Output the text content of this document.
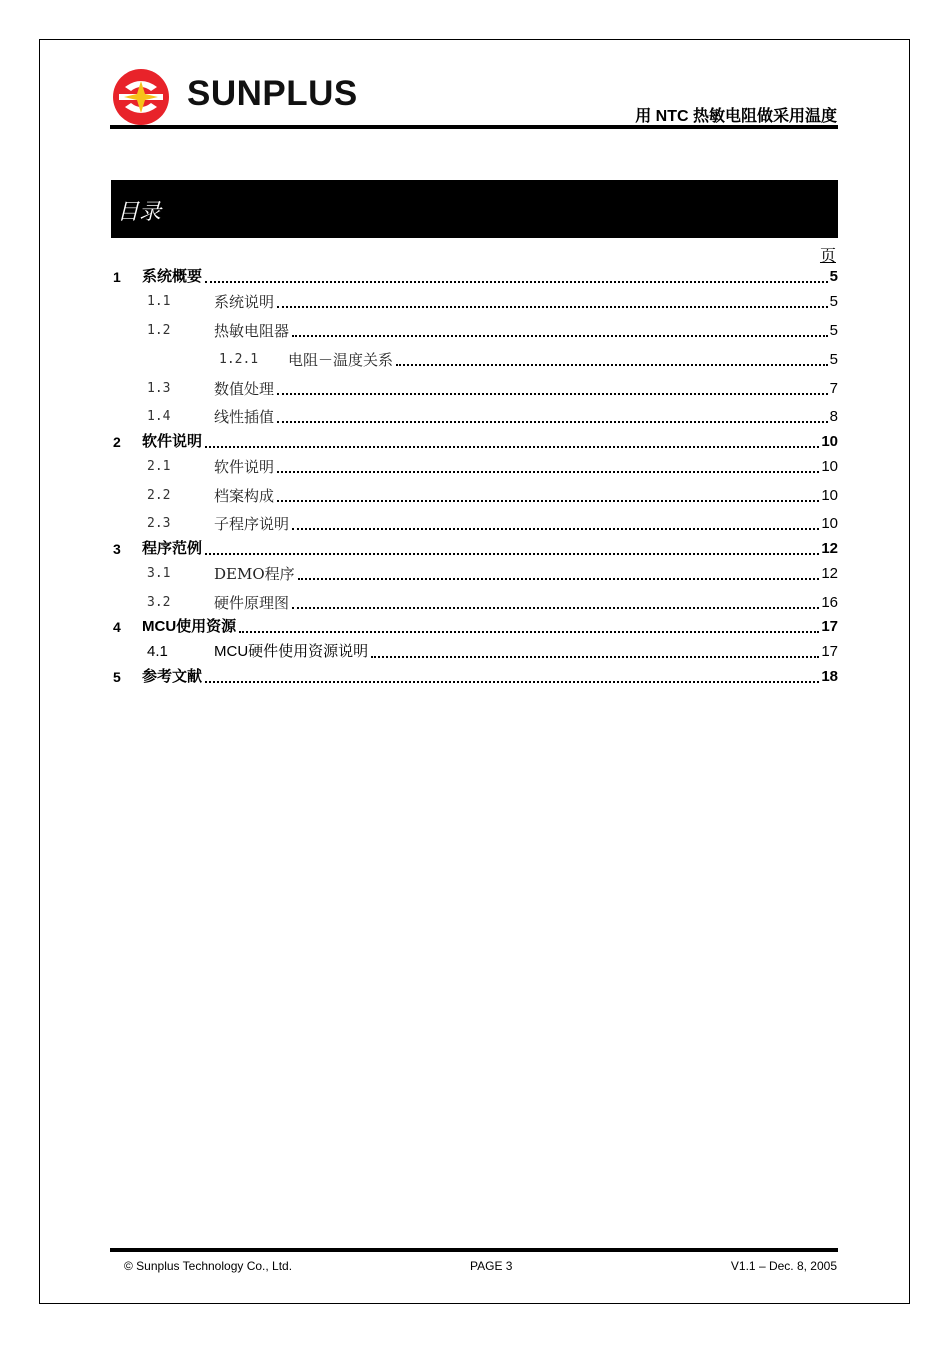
SUNPLUS
用 NTC 热敏电阻做采用温度
目录
页
1 系统概要	5
1.1	系统说明	5
1.2	热敏电阻器	5
1.2.1 电阻－温度关系	5
1.3	数值处理	7
1.4	线性插值	8
2 软件说明	10
2.1	软件说明	10
2.2	档案构成	10
2.3	子程序说明	10
3 程序范例	12
3.1	DEMO程序	12
3.2	硬件原理图	16
4 MCU使用资源	17
4.1	MCU硬件使用资源说明	17
5 参考文献	18
© Sunplus Technology Co., Ltd.	PAGE 3	V1.1 – Dec. 8, 2005
